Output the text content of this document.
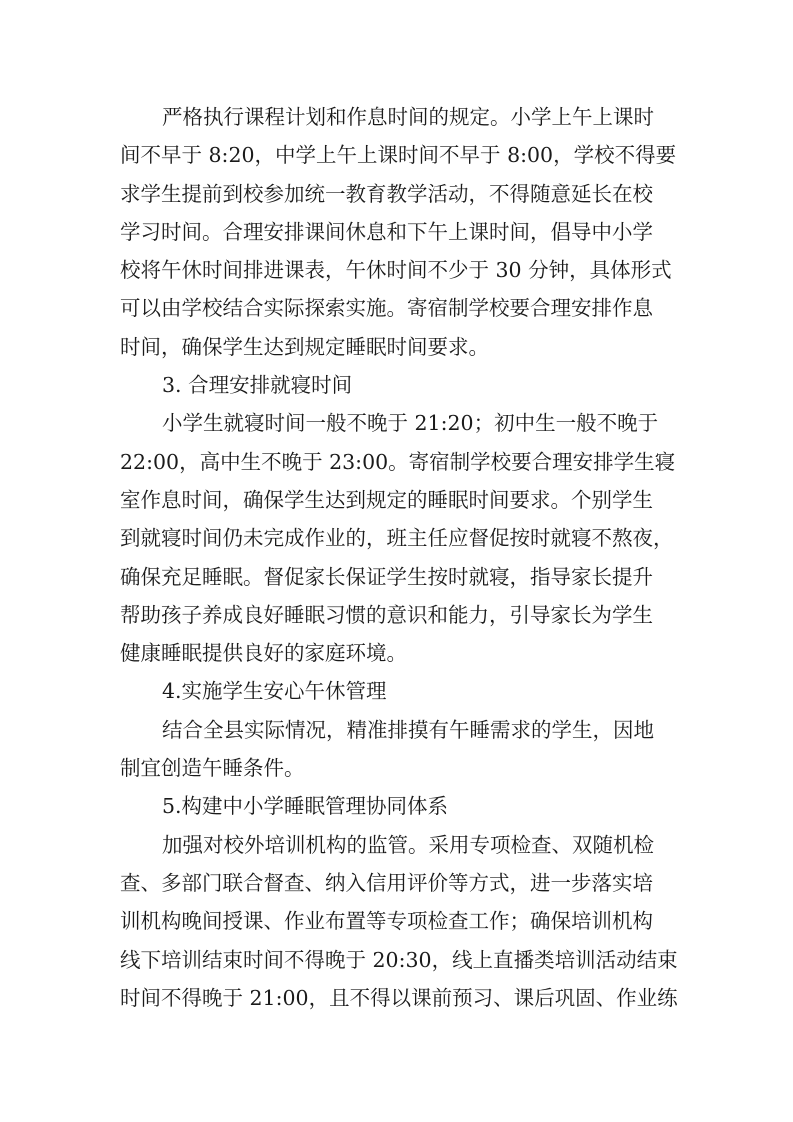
严格执行课程计划和作息时间的规定。小学上午上课时
间不早于 8:20，中学上午上课时间不早于 8:00，学校不得要
求学生提前到校参加统一教育教学活动，不得随意延长在校
学习时间。合理安排课间休息和下午上课时间，倡导中小学
校将午休时间排进课表，午休时间不少于 30 分钟，具体形式
可以由学校结合实际探索实施。寄宿制学校要合理安排作息
时间，确保学生达到规定睡眠时间要求。
3. 合理安排就寝时间
小学生就寝时间一般不晚于 21:20；初中生一般不晚于
22:00，高中生不晚于 23:00。寄宿制学校要合理安排学生寝
室作息时间，确保学生达到规定的睡眠时间要求。个别学生
到就寝时间仍未完成作业的，班主任应督促按时就寝不熬夜，
确保充足睡眠。督促家长保证学生按时就寝，指导家长提升
帮助孩子养成良好睡眠习惯的意识和能力，引导家长为学生
健康睡眠提供良好的家庭环境。
4.实施学生安心午休管理
结合全县实际情况，精准排摸有午睡需求的学生，因地
制宜创造午睡条件。
5.构建中小学睡眠管理协同体系
加强对校外培训机构的监管。采用专项检查、双随机检
查、多部门联合督查、纳入信用评价等方式，进一步落实培
训机构晚间授课、作业布置等专项检查工作；确保培训机构
线下培训结束时间不得晚于 20:30，线上直播类培训活动结束
时间不得晚于 21:00，且不得以课前预习、课后巩固、作业练
